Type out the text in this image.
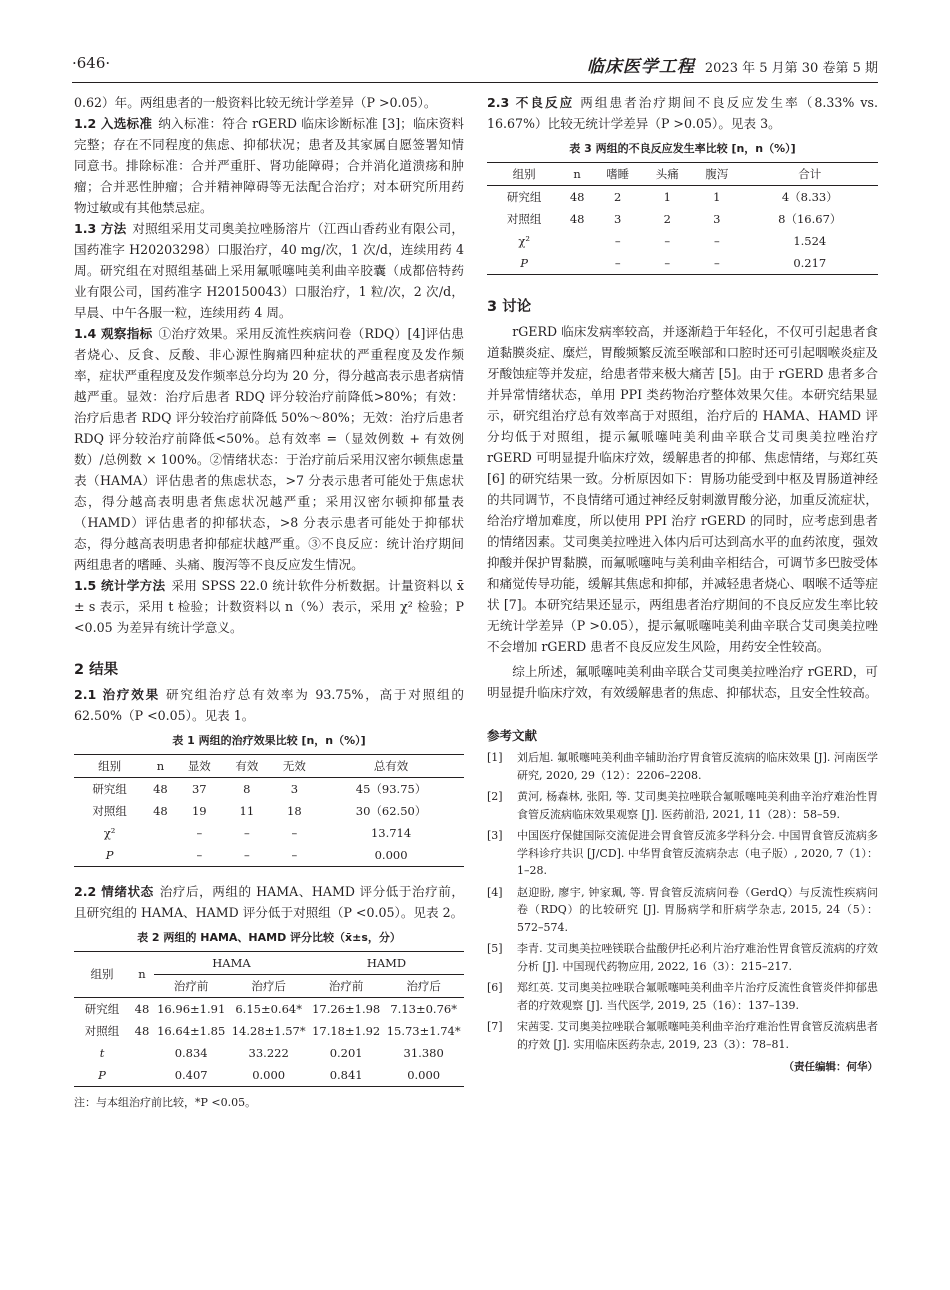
·646·	临床医学工程 2023 年 5 月第 30 卷第 5 期

0.62）年。两组患者的一般资料比较无统计学差异（P >0.05）。

1.2 入选标准 纳入标准：符合 rGERD 临床诊断标准 [3]；临床资料完整；存在不同程度的焦虑、抑郁状况；患者及其家属自愿签署知情同意书。排除标准：合并严重肝、肾功能障碍；合并消化道溃疡和肿瘤；合并恶性肿瘤；合并精神障碍等无法配合治疗；对本研究所用药物过敏或有其他禁忌症。

1.3 方法 对照组采用艾司奥美拉唑肠溶片（江西山香药业有限公司，国药准字 H20203298）口服治疗，40 mg/次，1 次/d，连续用药 4 周。研究组在对照组基础上采用氟哌噻吨美利曲辛胶囊（成都倍特药业有限公司，国药准字 H20150043）口服治疗，1 粒/次，2 次/d，早晨、中午各服一粒，连续用药 4 周。

1.4 观察指标 ①治疗效果。采用反流性疾病问卷（RDQ）[4]评估患者烧心、反食、反酸、非心源性胸痛四种症状的严重程度及发作频率，症状严重程度及发作频率总分均为 20 分，得分越高表示患者病情越严重。显效：治疗后患者 RDQ 评分较治疗前降低>80%；有效：治疗后患者 RDQ 评分较治疗前降低 50%～80%；无效：治疗后患者 RDQ 评分较治疗前降低<50%。总有效率 =（显效例数 + 有效例数）/总例数 × 100%。②情绪状态：于治疗前后采用汉密尔顿焦虑量表（HAMA）评估患者的焦虑状态，>7 分表示患者可能处于焦虑状态，得分越高表明患者焦虑状况越严重；采用汉密尔顿抑郁量表（HAMD）评估患者的抑郁状态，>8 分表示患者可能处于抑郁状态，得分越高表明患者抑郁症状越严重。③不良反应：统计治疗期间两组患者的嗜睡、头痛、腹泻等不良反应发生情况。

1.5 统计学方法 采用 SPSS 22.0 统计软件分析数据。计量资料以 x̄ ± s 表示，采用 t 检验；计数资料以 n（%）表示，采用 χ² 检验；P <0.05 为差异有统计学意义。

2 结果

2.1 治疗效果 研究组治疗总有效率为 93.75%，高于对照组的 62.50%（P <0.05）。见表 1。

表 1 两组的治疗效果比较 [n，n（%）]
组别	n	显效	有效	无效	总有效
研究组	48	37	8	3	45（93.75）
对照组	48	19	11	18	30（62.50）
χ²		–	–	–	13.714
P		–	–	–	0.000

2.2 情绪状态 治疗后，两组的 HAMA、HAMD 评分低于治疗前，且研究组的 HAMA、HAMD 评分低于对照组（P <0.05）。见表 2。

表 2 两组的 HAMA、HAMD 评分比较（x̄±s，分）
组别	n	HAMA		HAMD	
		治疗前	治疗后	治疗前	治疗后
研究组	48	16.96±1.91	6.15±0.64*	17.26±1.98	7.13±0.76*
对照组	48	16.64±1.85	14.28±1.57*	17.18±1.92	15.73±1.74*
t		0.834	33.222	0.201	31.380
P		0.407	0.000	0.841	0.000
注：与本组治疗前比较，*P <0.05。

2.3 不良反应 两组患者治疗期间不良反应发生率（8.33% vs. 16.67%）比较无统计学差异（P >0.05）。见表 3。

表 3 两组的不良反应发生率比较 [n，n（%）]
组别	n	嗜睡	头痛	腹泻	合计
研究组	48	2	1	1	4（8.33）
对照组	48	3	2	3	8（16.67）
χ²		–	–	–	1.524
P		–	–	–	0.217
3 讨论

rGERD 临床发病率较高，并逐渐趋于年轻化，不仅可引起患者食道黏膜炎症、糜烂，胃酸频繁反流至喉部和口腔时还可引起咽喉炎症及牙酸蚀症等并发症，给患者带来极大痛苦 [5]。由于 rGERD 患者多合并异常情绪状态，单用 PPI 类药物治疗整体效果欠佳。本研究结果显示，研究组治疗总有效率高于对照组，治疗后的 HAMA、HAMD 评分均低于对照组，提示氟哌噻吨美利曲辛联合艾司奥美拉唑治疗 rGERD 可明显提升临床疗效，缓解患者的抑郁、焦虑情绪，与郑红英 [6] 的研究结果一致。分析原因如下：胃肠功能受到中枢及胃肠道神经的共同调节，不良情绪可通过神经反射刺激胃酸分泌，加重反流症状，给治疗增加难度，所以使用 PPI 治疗 rGERD 的同时，应考虑到患者的情绪因素。艾司奥美拉唑进入体内后可达到高水平的血药浓度，强效抑酸并保护胃黏膜，而氟哌噻吨与美利曲辛相结合，可调节多巴胺受体和痛觉传导功能，缓解其焦虑和抑郁，并减轻患者烧心、咽喉不适等症状 [7]。本研究结果还显示，两组患者治疗期间的不良反应发生率比较无统计学差异（P >0.05），提示氟哌噻吨美利曲辛联合艾司奥美拉唑不会增加 rGERD 患者不良反应发生风险，用药安全性较高。

综上所述，氟哌噻吨美利曲辛联合艾司奥美拉唑治疗 rGERD，可明显提升临床疗效，有效缓解患者的焦虑、抑郁状态，且安全性较高。

参考文献
[1]	刘后旭. 氟哌噻吨美利曲辛辅助治疗胃食管反流病的临床效果 [J]. 河南医学研究, 2020, 29（12）：2206–2208.
[2]	黄河, 杨森林, 张阳, 等. 艾司奥美拉唑联合氟哌噻吨美利曲辛治疗难治性胃食管反流病临床效果观察 [J]. 医药前沿, 2021, 11（28）：58–59.
[3]	中国医疗保健国际交流促进会胃食管反流多学科分会. 中国胃食管反流病多学科诊疗共识 [J/CD]. 中华胃食管反流病杂志（电子版）, 2020, 7（1）：1–28.
[4]	赵迎盼, 廖宇, 钟家珮, 等. 胃食管反流病问卷（GerdQ）与反流性疾病问卷（RDQ）的比较研究 [J]. 胃肠病学和肝病学杂志, 2015, 24（5）：572–574.
[5]	李青. 艾司奥美拉唑镁联合盐酸伊托必利片治疗难治性胃食管反流病的疗效分析 [J]. 中国现代药物应用, 2022, 16（3）：215–217.
[6]	郑红英. 艾司奥美拉唑联合氟哌噻吨美利曲辛片治疗反流性食管炎伴抑郁患者的疗效观察 [J]. 当代医学, 2019, 25（16）：137–139.
[7]	宋茜雯. 艾司奥美拉唑联合氟哌噻吨美利曲辛治疗难治性胃食管反流病患者的疗效 [J]. 实用临床医药杂志, 2019, 23（3）：78–81.
（责任编辑：何华）
